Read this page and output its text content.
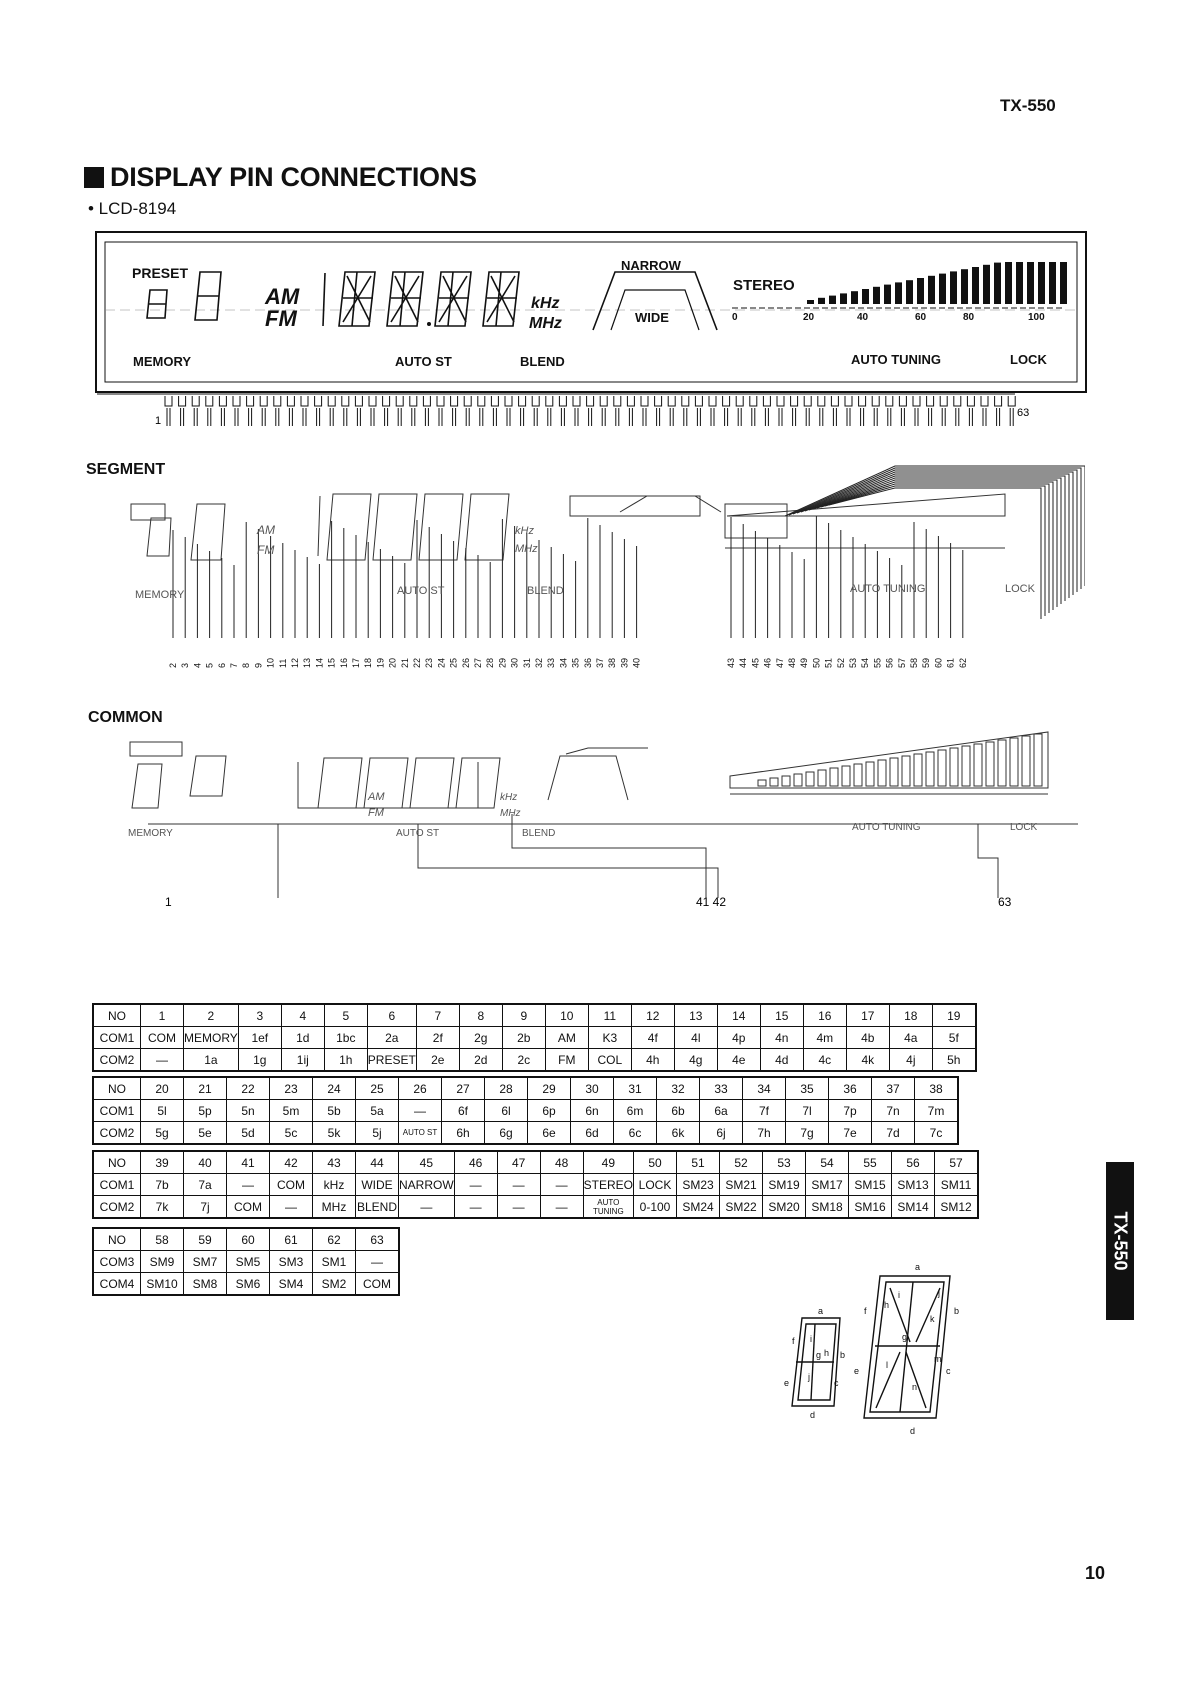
TX-550
DISPLAY PIN CONNECTIONS
• LCD-8194
PRESET
AM
FM
kHz
MHz
NARROW
WIDE
STEREO
0	20	40	60	80	100
MEMORY	AUTO ST	BLEND	AUTO TUNING	LOCK
1
63
SEGMENT
AM
FM
kHz
MHz
MEMORY	AUTO ST	BLEND	AUTO TUNING	LOCK
2 3 4 5 6 7 8 9 10 11 12 13 14 15 16 17 18 19 20 21 22 23 24 25 26 27 28 29 30 31 32 33 34 35 36 37 38 39 40	43 44 45 46 47 48 49 50 51 52 53 54 55 56 57 58 59 60 61 62
COMMON
AM
FM
kHz
MHz
MEMORY	AUTO ST	BLEND
AUTO TUNING	LOCK
1	41 42	63
NO	1	2	3	4	5	6	7	8	9	10	11	12	13	14	15	16	17	18	19
COM1	COM	MEMORY	1ef	1d	1bc	2a	2f	2g	2b	AM	K3	4f	4l	4p	4n	4m	4b	4a	5f
COM2	—	1a	1g	1ij	1h	PRESET	2e	2d	2c	FM	COL	4h	4g	4e	4d	4c	4k	4j	5h
NO	20	21	22	23	24	25	26	27	28	29	30	31	32	33	34	35	36	37	38
COM1	5l	5p	5n	5m	5b	5a	—	6f	6l	6p	6n	6m	6b	6a	7f	7l	7p	7n	7m
COM2	5g	5e	5d	5c	5k	5j	AUTO ST	6h	6g	6e	6d	6c	6k	6j	7h	7g	7e	7d	7c
NO	39	40	41	42	43	44	45	46	47	48	49	50	51	52	53	54	55	56	57
COM1	7b	7a	—	COM	kHz	WIDE	NARROW	—	—	—	STEREO	LOCK	SM23	SM21	SM19	SM17	SM15	SM13	SM11
COM2	7k	7j	COM	—	MHz	BLEND	—	—	—	—	AUTO TUNING	0-100	SM24	SM22	SM20	SM18	SM16	SM14	SM12
NO	58	59	60	61	62	63
COM3	SM9	SM7	SM5	SM3	SM1	—
COM4	SM10	SM8	SM6	SM4	SM2	COM
a
b
c
d
e
f
g h
i
j
a
b
c
d
e
f
g
h
i	j
k
l
m
n
TX-550
10
